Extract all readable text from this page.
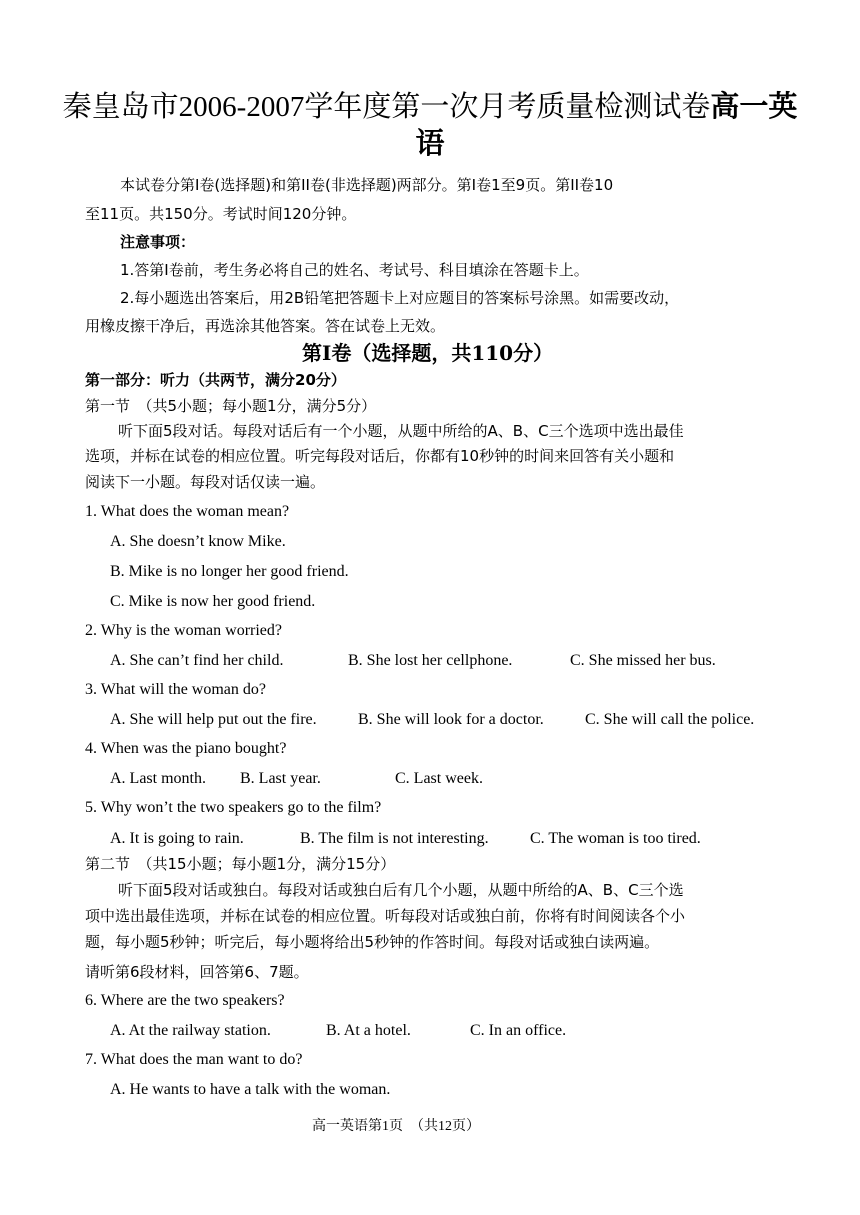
秦皇岛市2006-2007学年度第一次月考质量检测试卷高一英
语
本试卷分第Ⅰ卷(选择题)和第II卷(非选择题)两部分。第Ⅰ卷1至9页。第II卷10
至11页。共150分。考试时间120分钟。
注意事项：
1.答第Ⅰ卷前，考生务必将自己的姓名、考试号、科目填涂在答题卡上。
2.每小题选出答案后，用2B铅笔把答题卡上对应题目的答案标号涂黑。如需要改动，
用橡皮擦干净后，再选涂其他答案。答在试卷上无效。
第Ⅰ卷（选择题，共110分）
第一部分：听力（共两节，满分20分）
第一节　（共5小题；每小题1分，满分5分）
听下面5段对话。每段对话后有一个小题，从题中所给的A、B、C三个选项中选出最佳
选项，并标在试卷的相应位置。听完每段对话后，你都有10秒钟的时间来回答有关小题和
阅读下一小题。每段对话仅读一遍。
1. What does the woman mean?
A. She doesn’t know Mike.
B. Mike is no longer her good friend.
C. Mike is now her good friend.
2. Why is the woman worried?
A. She can’t find her child.	B. She lost her cellphone.	C. She missed her bus.
3. What will the woman do?
A. She will help put out the fire.	B. She will look for a doctor.	C. She will call the police.
4. When was the piano bought?
A. Last month. B. Last year.	C. Last week.
5. Why won’t the two speakers go to the film?
A. It is going to rain.	B. The film is not interesting.	C. The woman is too tired.
第二节　（共15小题；每小题1分，满分15分）
听下面5段对话或独白。每段对话或独白后有几个小题，从题中所给的A、B、C三个选
项中选出最佳选项，并标在试卷的相应位置。听每段对话或独白前，你将有时间阅读各个小
题，每小题5秒钟；听完后，每小题将给出5秒钟的作答时间。每段对话或独白读两遍。
请听第6段材料，回答第6、7题。
6. Where are the two speakers?
A. At the railway station.	B. At a hotel.	C. In an office.
7. What does the man want to do?
A. He wants to have a talk with the woman.
高一英语第1页　（共12页）
